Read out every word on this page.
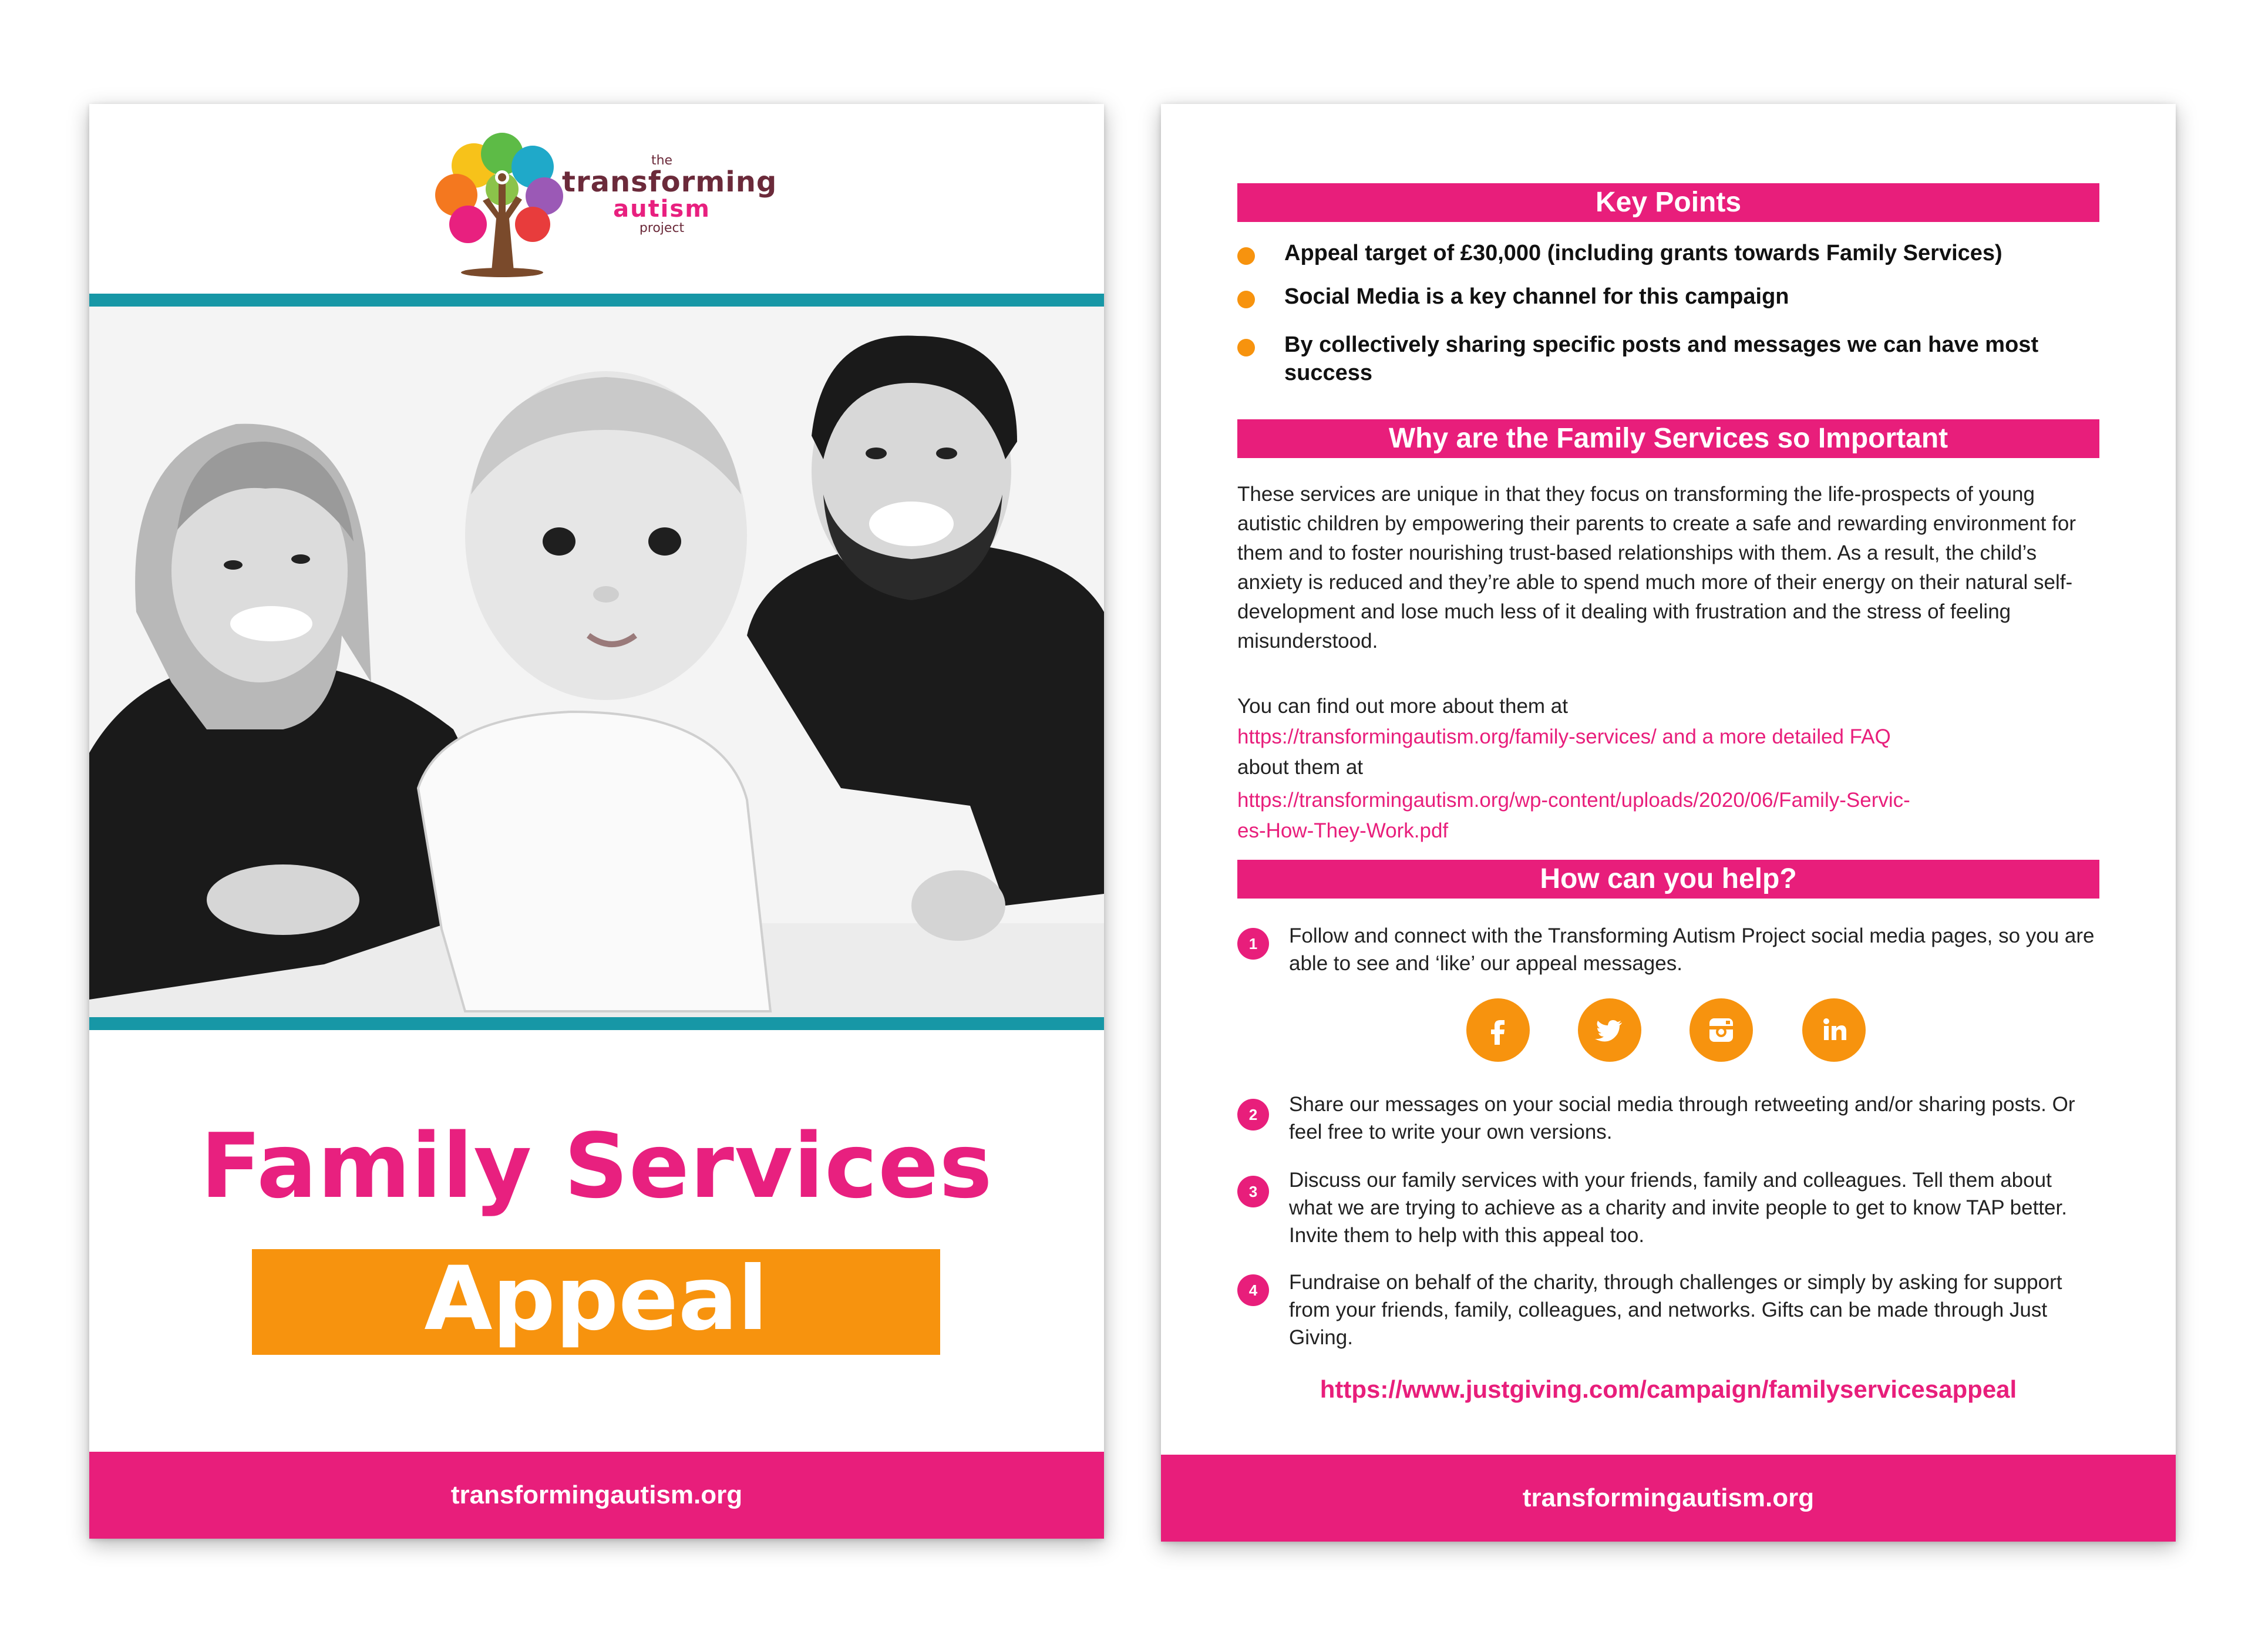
the
transforming
autism
project
Family Services
Appeal
transformingautism.org
Key Points
Appeal target of £30,000 (including grants towards Family Services)
Social Media is a key channel for this campaign
By collectively sharing specific posts and messages we can have most success
Why are the Family Services so Important

These services are unique in that they focus on transforming the life-prospects of young autistic children by empowering their parents to create a safe and rewarding environment for them and to foster nourishing trust-based relationships with them. As a result, the child’s anxiety is reduced and they’re able to spend much more of their energy on their natural self-development and lose much less of it dealing with frustration and the stress of feeling misunderstood.

You can find out more about them at
https://transformingautism.org/family-services/ and a more detailed FAQ
about them at
https://transformingautism.org/wp-content/uploads/2020/06/Family-Servic-
es-How-They-Work.pdf
How can you help?
1	Follow and connect with the Transforming Autism Project social media pages, so you are able to see and ‘like’ our appeal messages.
2	Share our messages on your social media through retweeting and/or sharing posts. Or feel free to write your own versions.
3	Discuss our family services with your friends, family and colleagues. Tell them about what we are trying to achieve as a charity and invite people to get to know TAP better. Invite them to help with this appeal too.
4	Fundraise on behalf of the charity, through challenges or simply by asking for support from your friends, family, colleagues, and networks. Gifts can be made through Just Giving.
https://www.justgiving.com/campaign/familyservicesappeal
transformingautism.org
